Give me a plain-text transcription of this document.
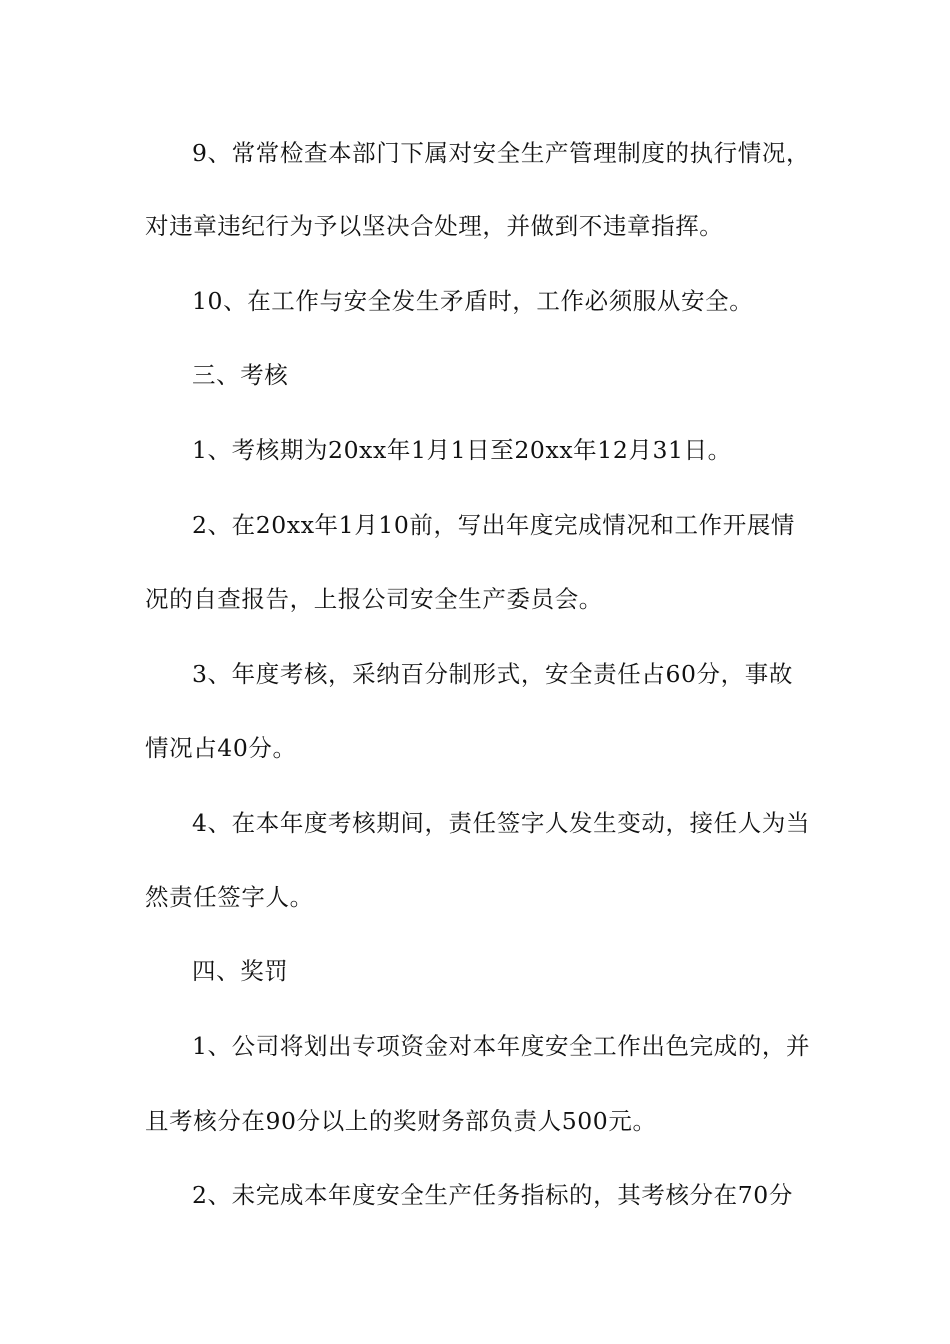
9、常常检查本部门下属对安全生产管理制度的执行情况，
对违章违纪行为予以坚决合处理，并做到不违章指挥。
10、在工作与安全发生矛盾时，工作必须服从安全。
三、考核
1、考核期为20xx年1月1日至20xx年12月31日。
2、在20xx年1月10前，写出年度完成情况和工作开展情
况的自查报告，上报公司安全生产委员会。
3、年度考核，采纳百分制形式，安全责任占60分，事故
情况占40分。
4、在本年度考核期间，责任签字人发生变动，接任人为当
然责任签字人。
四、奖罚
1、公司将划出专项资金对本年度安全工作出色完成的，并
且考核分在90分以上的奖财务部负责人500元。
2、未完成本年度安全生产任务指标的，其考核分在70分
